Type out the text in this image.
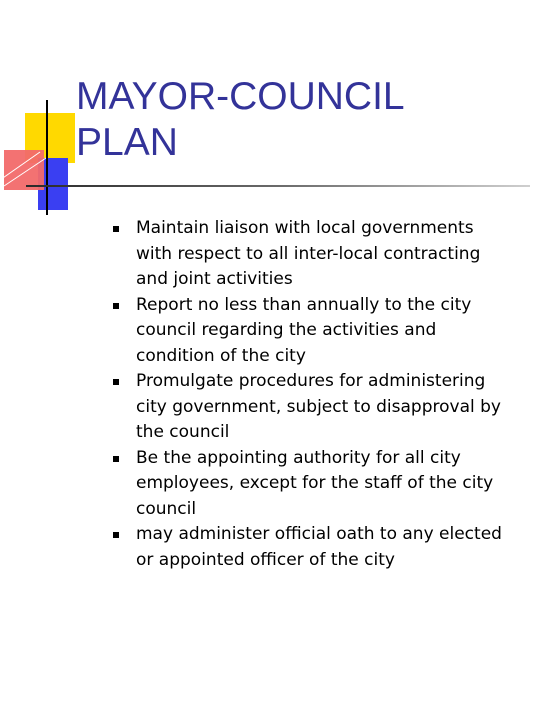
MAYOR-COUNCIL
PLAN
Maintain liaison with local governments
with respect to all inter-local contracting
and joint activities
Report no less than annually to the city
council regarding the activities and
condition of the city
Promulgate procedures for administering
city government, subject to disapproval by
the council
Be the appointing authority for all city
employees, except for the staff of the city
council
may administer official oath to any elected
or appointed officer of the city
